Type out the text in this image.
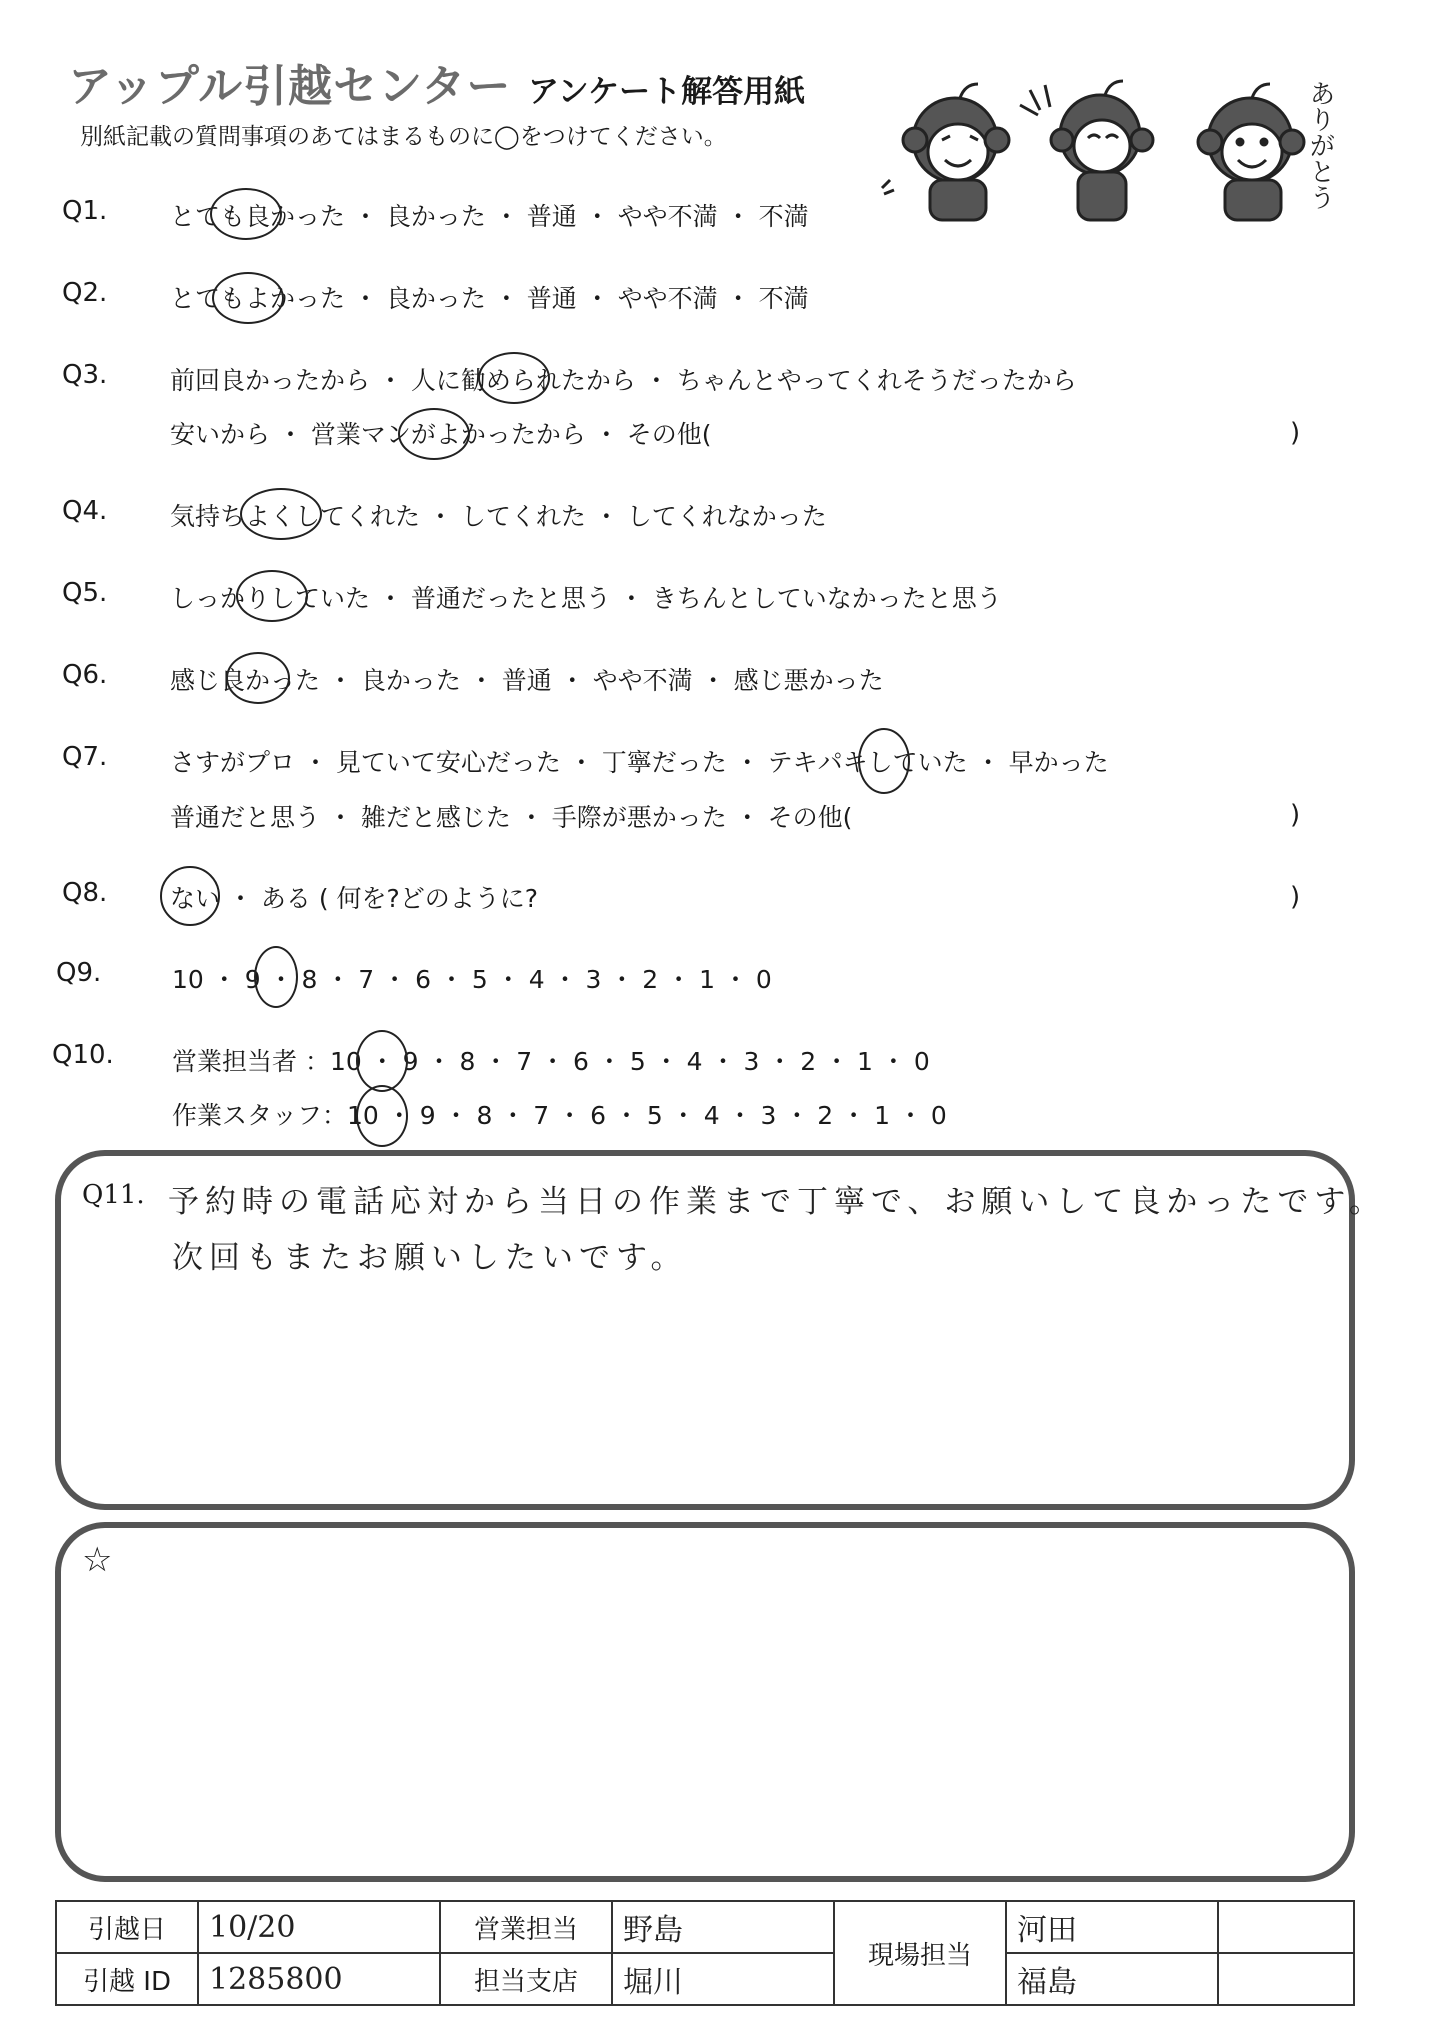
アップル引越センター アンケート解答用紙
別紙記載の質問事項のあてはまるものに◯をつけてください。	ありがとう
Q1.	とても良かった ・ 良かった ・ 普通 ・ やや不満 ・ 不満
Q2.	とてもよかった ・ 良かった ・ 普通 ・ やや不満 ・ 不満
Q3.	前回良かったから ・ 人に勧められたから ・ ちゃんとやってくれそうだったから
安いから ・ 営業マンがよかったから ・ その他(	)
Q4.	気持ちよくしてくれた ・ してくれた ・ してくれなかった
Q5.	しっかりしていた ・ 普通だったと思う ・ きちんとしていなかったと思う
Q6.	感じ良かった ・ 良かった ・ 普通 ・ やや不満 ・ 感じ悪かった
Q7.	さすがプロ ・ 見ていて安心だった ・ 丁寧だった ・ テキパキしていた ・ 早かった
普通だと思う ・ 雑だと感じた ・ 手際が悪かった ・ その他(	)
Q8.	ない ・ ある ( 何を?どのように?	)
Q9.	10 ・ 9 ・ 8 ・ 7 ・ 6 ・ 5 ・ 4 ・ 3 ・ 2 ・ 1 ・ 0
Q10. 営業担当者 ：10 ・ 9 ・ 8 ・ 7 ・ 6 ・ 5 ・ 4 ・ 3 ・ 2 ・ 1 ・ 0
作業スタッフ：10 ・ 9 ・ 8 ・ 7 ・ 6 ・ 5 ・ 4 ・ 3 ・ 2 ・ 1 ・ 0
Q11. 予約時の電話応対から当日の作業まで丁寧で、お願いして良かったです。
次回もまたお願いしたいです。
☆
引越日	10/20	営業担当	野島	現場担当	河田	
引越 ID	1285800	担当支店	堀川		福島	
